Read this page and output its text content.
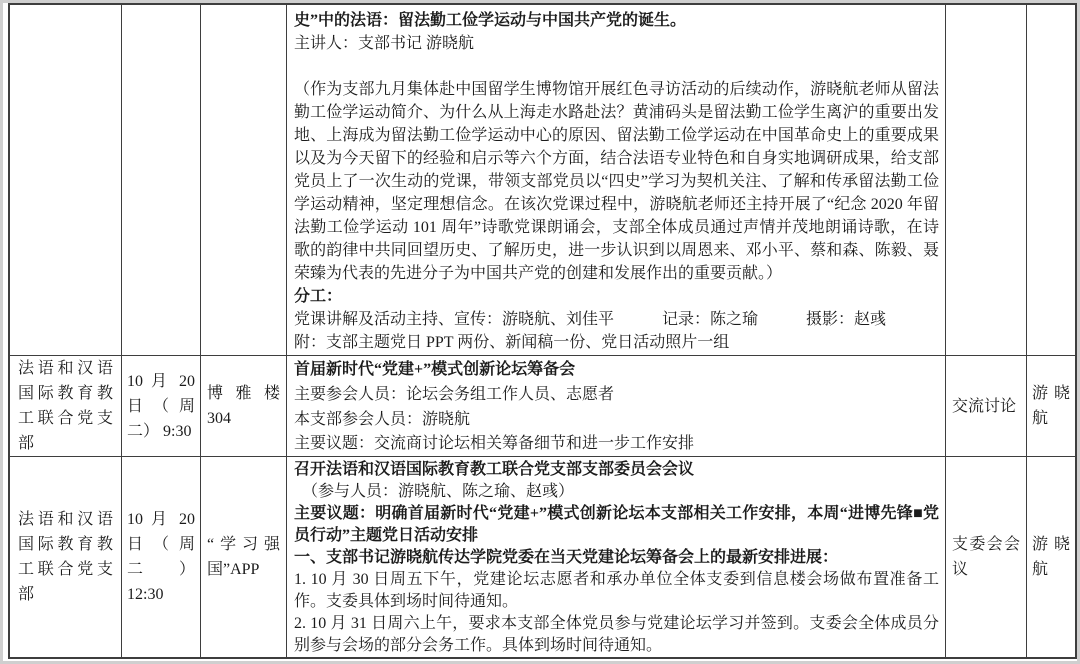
史”中的法语：留法勤工俭学运动与中国共产党的诞生。
主讲人：支部书记 游晓航

（作为支部九月集体赴中国留学生博物馆开展红色寻访活动的后续动作，游晓航老师从留法勤工俭学运动简介、为什么从上海走水路赴法？黄浦码头是留法勤工俭学生离沪的重要出发地、上海成为留法勤工俭学运动中心的原因、留法勤工俭学运动在中国革命史上的重要成果以及为今天留下的经验和启示等六个方面，结合法语专业特色和自身实地调研成果，给支部党员上了一次生动的党课，带领支部党员以“四史”学习为契机关注、了解和传承留法勤工俭学运动精神，坚定理想信念。在该次党课过程中，游晓航老师还主持开展了“纪念 2020 年留法勤工俭学运动 101 周年”诗歌党课朗诵会，支部全体成员通过声情并茂地朗诵诗歌，在诗歌的韵律中共同回望历史、了解历史，进一步认识到以周恩来、邓小平、蔡和森、陈毅、聂荣臻为代表的先进分子为中国共产党的创建和发展作出的重要贡献。）
分工：
党课讲解及活动主持、宣传：游晓航、刘佳平　　　记录：陈之瑜　　　摄影：赵彧
附：支部主题党日 PPT 两份、新闻稿一份、党日活动照片一组
法语和汉语国际教育教工联合党支部
10 月 20 日（周二） 9:30
博雅楼 304
首届新时代“党建+”模式创新论坛筹备会
主要参会人员：论坛会务组工作人员、志愿者
本支部参会人员：游晓航
主要议题：交流商讨论坛相关筹备细节和进一步工作安排
交流讨论
游晓航
法语和汉语国际教育教工联合党支部
10 月 20 日（周二） 12:30
“学习强国”APP
召开法语和汉语国际教育教工联合党支部支部委员会会议
　（参与人员：游晓航、陈之瑜、赵彧）
主要议题：明确首届新时代“党建+”模式创新论坛本支部相关工作安排，本周“进博先锋■党员行动”主题党日活动安排
一、支部书记游晓航传达学院党委在当天党建论坛筹备会上的最新安排进展：
1. 10 月 30 日周五下午，党建论坛志愿者和承办单位全体支委到信息楼会场做布置准备工作。支委具体到场时间待通知。
2. 10 月 31 日周六上午，要求本支部全体党员参与党建论坛学习并签到。支委会全体成员分别参与会场的部分会务工作。具体到场时间待通知。
支委会会议
游晓航
